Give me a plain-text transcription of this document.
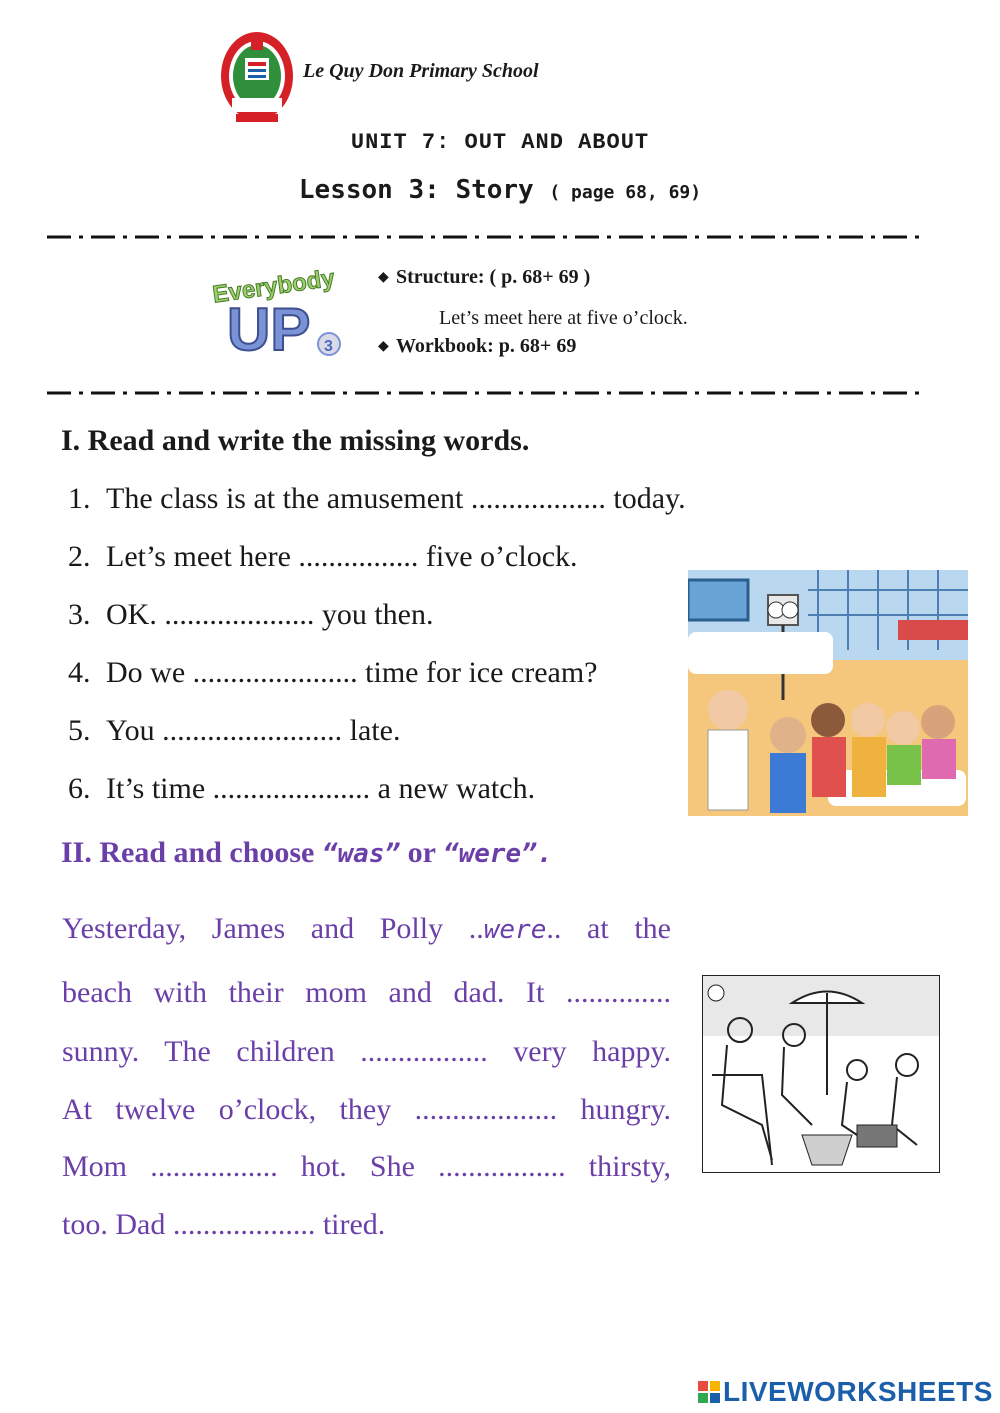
Le Quy Don Primary School
UNIT 7: OUT AND ABOUT
Lesson 3: Story ( page 68, 69)
Everybody
UP 3
◆ Structure: ( p. 68+ 69 )
Let’s meet here at five o’clock.
◆ Workbook: p. 68+ 69
I. Read and write the missing words.
1. The class is at the amusement .................. today.
2. Let’s meet here ................ five o’clock.
3. OK. .................... you then.
4. Do we ...................... time for ice cream?
5. You ........................ late.
6. It’s time ..................... a new watch.
II. Read and choose “was” or “were”.
Yesterday, James and Polly ..were.. at the
beach with their mom and dad. It ..............
sunny. The children ................. very happy.
At twelve o’clock, they ................... hungry.
Mom ................. hot. She ................. thirsty,
too. Dad ................... tired.
LIVEWORKSHEETS
